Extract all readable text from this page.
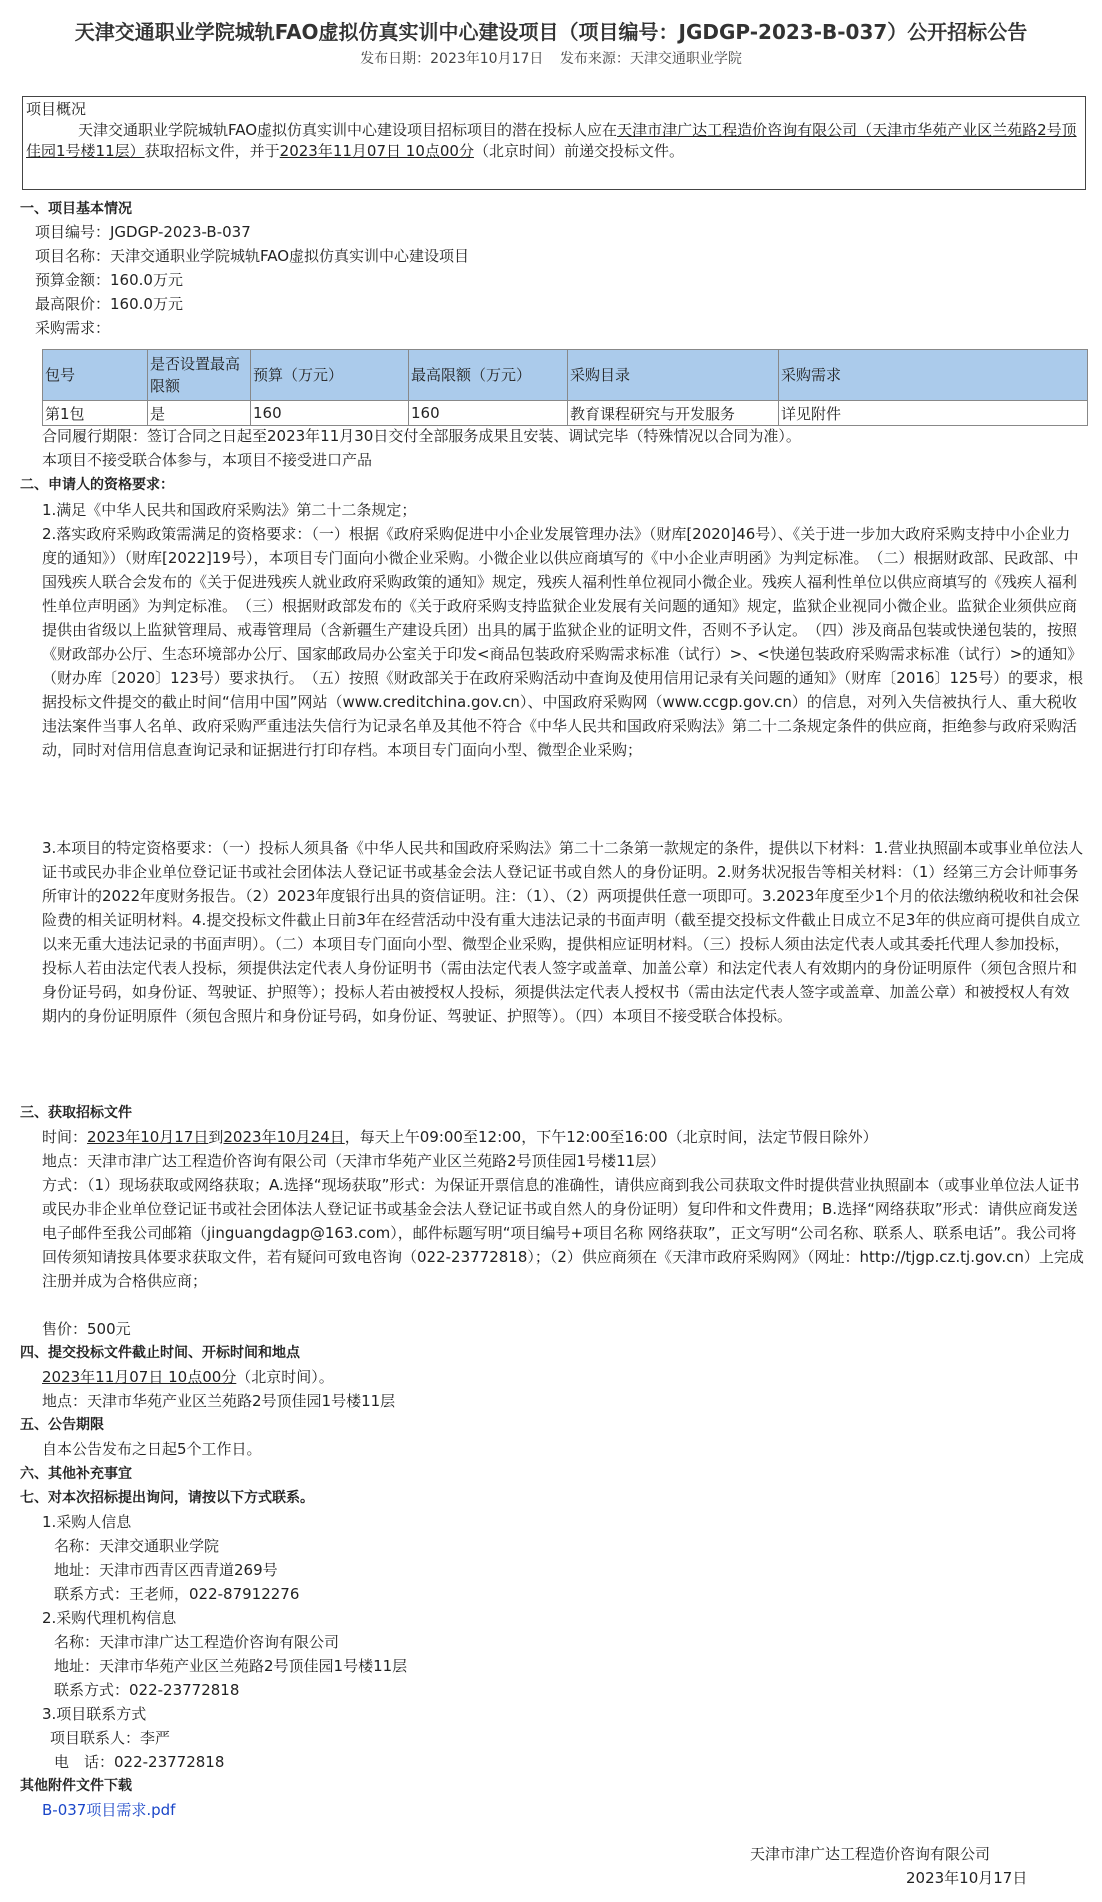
天津交通职业学院城轨FAO虚拟仿真实训中心建设项目（项目编号：JGDGP-2023-B-037）公开招标公告
发布日期：2023年10月17日 发布来源：天津交通职业学院
项目概况
天津交通职业学院城轨FAO虚拟仿真实训中心建设项目招标项目的潜在投标人应在天津市津广达工程造价咨询有限公司（天津市华苑产业区兰苑路2号顶佳园1号楼11层）获取招标文件，并于2023年11月07日 10点00分（北京时间）前递交投标文件。
一、项目基本情况
项目编号：JGDGP-2023-B-037
项目名称：天津交通职业学院城轨FAO虚拟仿真实训中心建设项目
预算金额：160.0万元
最高限价：160.0万元
采购需求：
包号	是否设置最高限额	预算（万元）	最高限额（万元）	采购目录	采购需求
第1包	是	160	160	教育课程研究与开发服务	详见附件
合同履行期限：签订合同之日起至2023年11月30日交付全部服务成果且安装、调试完毕（特殊情况以合同为准）。
本项目不接受联合体参与，本项目不接受进口产品
二、申请人的资格要求：
1.满足《中华人民共和国政府采购法》第二十二条规定；
2.落实政府采购政策需满足的资格要求：（一）根据《政府采购促进中小企业发展管理办法》（财库[2020]46号）、《关于进一步加大政府采购支持中小企业力度的通知》）（财库[2022]19号），本项目专门面向小微企业采购。小微企业以供应商填写的《中小企业声明函》为判定标准。　（二）根据财政部、民政部、中国残疾人联合会发布的《关于促进残疾人就业政府采购政策的通知》规定，残疾人福利性单位视同小微企业。残疾人福利性单位以供应商填写的《残疾人福利性单位声明函》为判定标准。　（三）根据财政部发布的《关于政府采购支持监狱企业发展有关问题的通知》规定，监狱企业视同小微企业。监狱企业须供应商提供由省级以上监狱管理局、戒毒管理局（含新疆生产建设兵团）出具的属于监狱企业的证明文件，否则不予认定。　（四）涉及商品包装或快递包装的，按照《财政部办公厅、生态环境部办公厅、国家邮政局办公室关于印发<商品包装政府采购需求标准（试行）>、<快递包装政府采购需求标准（试行）>的通知》（财办库〔2020〕123号）要求执行。　（五）按照《财政部关于在政府采购活动中查询及使用信用记录有关问题的通知》（财库〔2016〕125号）的要求，根据投标文件提交的截止时间“信用中国”网站（www.creditchina.gov.cn）、中国政府采购网（www.ccgp.gov.cn）的信息，对列入失信被执行人、重大税收违法案件当事人名单、政府采购严重违法失信行为记录名单及其他不符合《中华人民共和国政府采购法》第二十二条规定条件的供应商，拒绝参与政府采购活动，同时对信用信息查询记录和证据进行打印存档。本项目专门面向小型、微型企业采购；
3.本项目的特定资格要求：（一）投标人须具备《中华人民共和国政府采购法》第二十二条第一款规定的条件，提供以下材料：1.营业执照副本或事业单位法人证书或民办非企业单位登记证书或社会团体法人登记证书或基金会法人登记证书或自然人的身份证明。2.财务状况报告等相关材料：（1）经第三方会计师事务所审计的2022年度财务报告。（2）2023年度银行出具的资信证明。注：（1）、（2）两项提供任意一项即可。3.2023年度至少1个月的依法缴纳税收和社会保险费的相关证明材料。4.提交投标文件截止日前3年在经营活动中没有重大违法记录的书面声明（截至提交投标文件截止日成立不足3年的供应商可提供自成立以来无重大违法记录的书面声明）。（二）本项目专门面向小型、微型企业采购，提供相应证明材料。（三）投标人须由法定代表人或其委托代理人参加投标，投标人若由法定代表人投标，须提供法定代表人身份证明书（需由法定代表人签字或盖章、加盖公章）和法定代表人有效期内的身份证明原件（须包含照片和身份证号码，如身份证、驾驶证、护照等）；投标人若由被授权人投标，须提供法定代表人授权书（需由法定代表人签字或盖章、加盖公章）和被授权人有效期内的身份证明原件（须包含照片和身份证号码，如身份证、驾驶证、护照等）。（四）本项目不接受联合体投标。
三、获取招标文件
时间：2023年10月17日到2023年10月24日，每天上午09:00至12:00，下午12:00至16:00（北京时间，法定节假日除外）
地点：天津市津广达工程造价咨询有限公司（天津市华苑产业区兰苑路2号顶佳园1号楼11层）
方式：（1）现场获取或网络获取；A.选择“现场获取”形式：为保证开票信息的准确性，请供应商到我公司获取文件时提供营业执照副本（或事业单位法人证书或民办非企业单位登记证书或社会团体法人登记证书或基金会法人登记证书或自然人的身份证明）复印件和文件费用；B.选择“网络获取”形式：请供应商发送电子邮件至我公司邮箱（jinguangdagp@163.com），邮件标题写明“项目编号+项目名称 网络获取”，正文写明“公司名称、联系人、联系电话”。我公司将回传须知请按具体要求获取文件，若有疑问可致电咨询（022-23772818）；（2）供应商须在《天津市政府采购网》（网址：http://tjgp.cz.tj.gov.cn）上完成注册并成为合格供应商；
售价：500元
四、提交投标文件截止时间、开标时间和地点
2023年11月07日 10点00分（北京时间）。
地点：天津市华苑产业区兰苑路2号顶佳园1号楼11层
五、公告期限
自本公告发布之日起5个工作日。
六、其他补充事宜
七、对本次招标提出询问，请按以下方式联系。
1.采购人信息
名称：天津交通职业学院
地址：天津市西青区西青道269号
联系方式：王老师，022-87912276
2.采购代理机构信息
名称：天津市津广达工程造价咨询有限公司
地址：天津市华苑产业区兰苑路2号顶佳园1号楼11层
联系方式：022-23772818
3.项目联系方式
项目联系人：李严
电　话：022-23772818
其他附件文件下载
B-037项目需求.pdf
天津市津广达工程造价咨询有限公司
2023年10月17日
